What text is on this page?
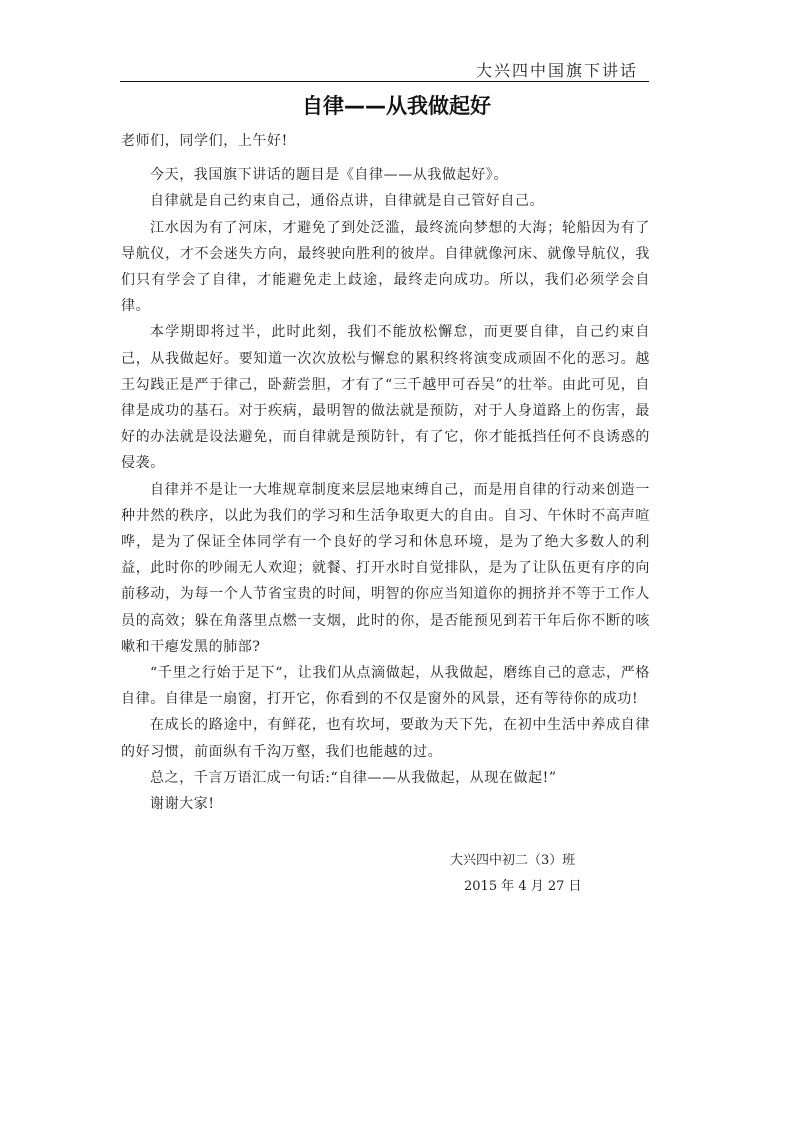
大兴四中国旗下讲话
自律——从我做起好

老师们，同学们，上午好!

今天，我国旗下讲话的题目是《自律——从我做起好》。

自律就是自己约束自己，通俗点讲，自律就是自己管好自己。

江水因为有了河床，才避免了到处泛滥，最终流向梦想的大海；轮船因为有了导航仪，才不会迷失方向，最终驶向胜利的彼岸。自律就像河床、就像导航仪，我们只有学会了自律，才能避免走上歧途，最终走向成功。所以，我们必须学会自律。

本学期即将过半，此时此刻，我们不能放松懈怠，而更要自律，自己约束自己，从我做起好。要知道一次次放松与懈怠的累积终将演变成顽固不化的恶习。越王勾践正是严于律己，卧薪尝胆，才有了“三千越甲可吞吴”的壮举。由此可见，自律是成功的基石。对于疾病，最明智的做法就是预防，对于人身道路上的伤害，最好的办法就是设法避免，而自律就是预防针，有了它，你才能抵挡任何不良诱惑的侵袭。

自律并不是让一大堆规章制度来层层地束缚自己，而是用自律的行动来创造一种井然的秩序，以此为我们的学习和生活争取更大的自由。自习、午休时不高声喧哗，是为了保证全体同学有一个良好的学习和休息环境，是为了绝大多数人的利益，此时你的吵闹无人欢迎；就餐、打开水时自觉排队，是为了让队伍更有序的向前移动，为每一个人节省宝贵的时间，明智的你应当知道你的拥挤并不等于工作人员的高效；躲在角落里点燃一支烟，此时的你，是否能预见到若干年后你不断的咳嗽和干瘪发黑的肺部?

“千里之行始于足下“，让我们从点滴做起，从我做起，磨练自己的意志，严格自律。自律是一扇窗，打开它，你看到的不仅是窗外的风景，还有等待你的成功!

在成长的路途中，有鲜花，也有坎坷，要敢为天下先，在初中生活中养成自律的好习惯，前面纵有千沟万壑，我们也能越的过。

总之，千言万语汇成一句话:“自律——从我做起，从现在做起!”

谢谢大家!

大兴四中初二（3）班
2015 年 4 月 27 日
